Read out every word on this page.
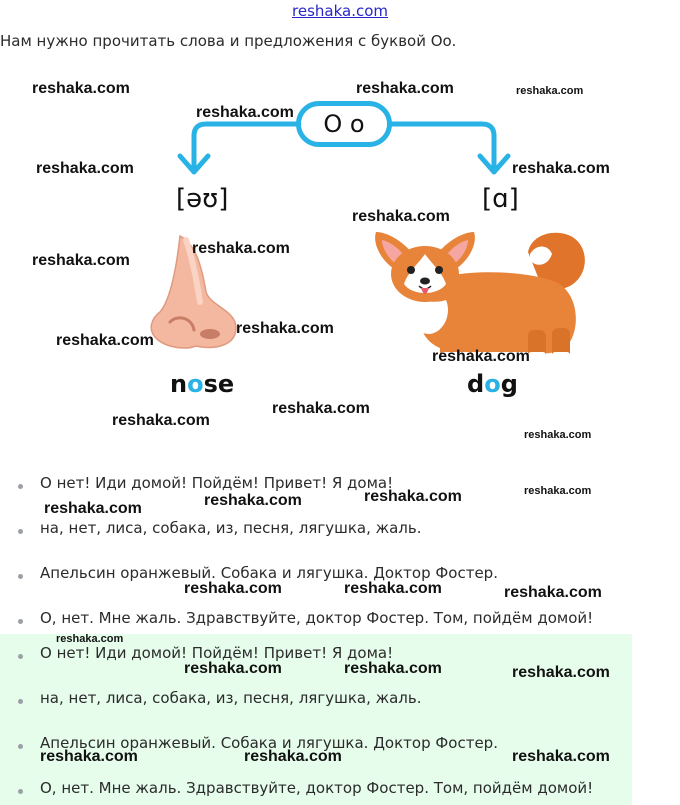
reshaka.com
Нам нужно прочитать слова и предложения с буквой Oo.
O o
[əʊ]	[ɑ]
nose	dog
О нет! Иди домой! Пойдём! Привет! Я дома!
на, нет, лиса, собака, из, песня, лягушка, жаль.
Апельсин оранжевый. Собака и лягушка. Доктор Фостер.
О, нет. Мне жаль. Здравствуйте, доктор Фостер. Том, пойдём домой!
О нет! Иди домой! Пойдём! Привет! Я дома!
на, нет, лиса, собака, из, песня, лягушка, жаль.
Апельсин оранжевый. Собака и лягушка. Доктор Фостер.
О, нет. Мне жаль. Здравствуйте, доктор Фостер. Том, пойдём домой!
reshaka.com
reshaka.com
reshaka.com	reshaka.com
reshaka.com	reshaka.com
reshaka.com
reshaka.com
reshaka.com
reshaka.com
reshaka.com
reshaka.com
reshaka.com
reshaka.com
reshaka.com
reshaka.com
reshaka.com
reshaka.com
reshaka.com
reshaka.com	reshaka.com	reshaka.com
reshaka.com
reshaka.com	reshaka.com	reshaka.com
reshaka.com	reshaka.com	reshaka.com
